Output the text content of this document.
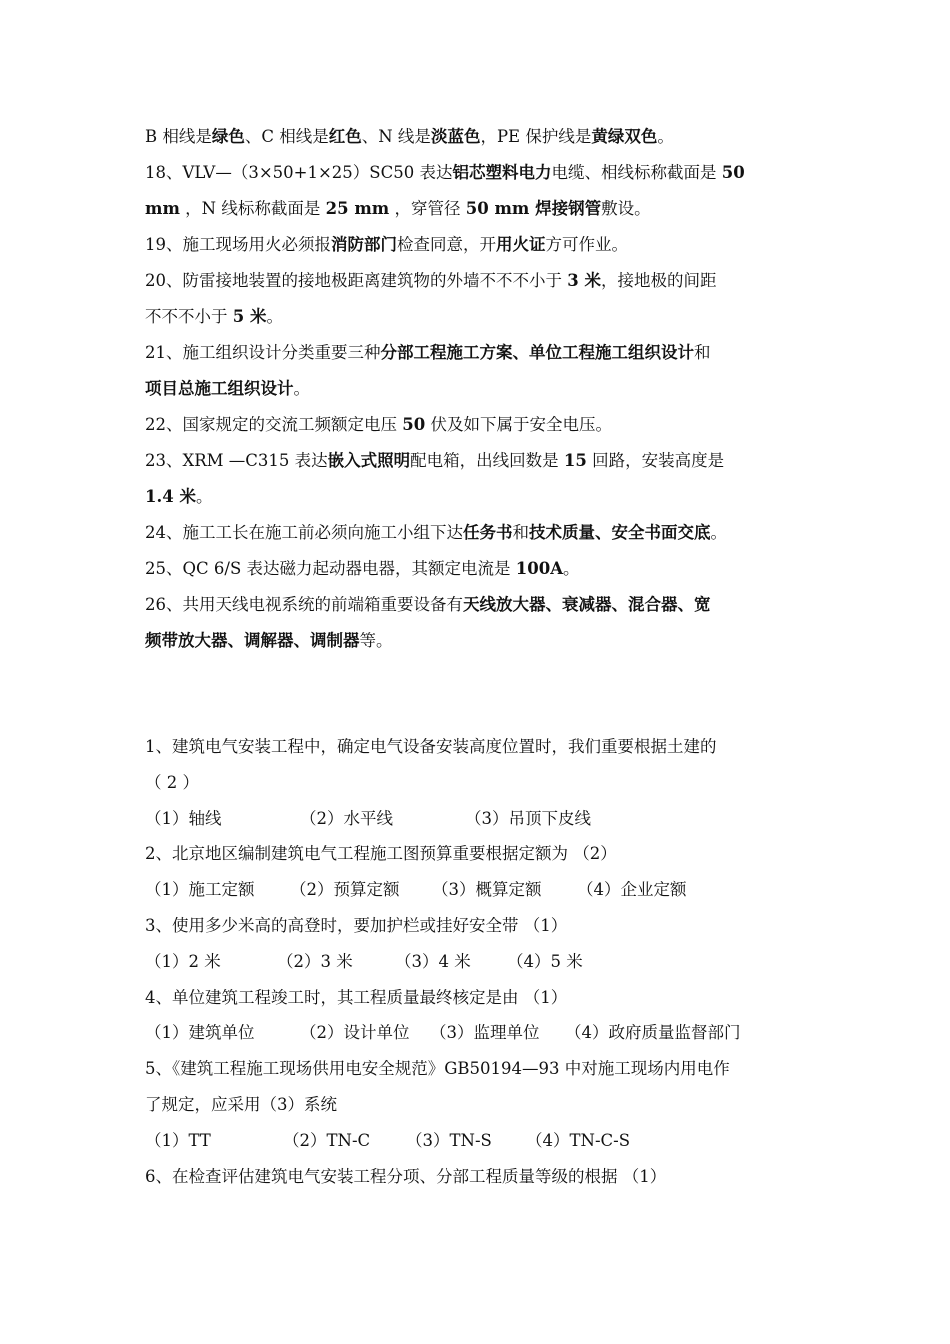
B 相线是绿色、C 相线是红色、N 线是淡蓝色，PE 保护线是黄绿双色。
18、VLV—（3×50+1×25）SC50 表达铝芯塑料电力电缆、相线标称截面是 50
mm ，N 线标称截面是 25 mm ，穿管径 50 mm 焊接钢管敷设。
19、施工现场用火必须报消防部门检查同意，开用火证方可作业。
20、防雷接地装置的接地极距离建筑物的外墙不不不小于 3 米，接地极的间距
不不不小于 5 米。
21、施工组织设计分类重要三种分部工程施工方案、单位工程施工组织设计和
项目总施工组织设计。
22、国家规定的交流工频额定电压 50 伏及如下属于安全电压。
23、XRM —C315 表达嵌入式照明配电箱，出线回数是 15 回路，安装高度是
1.4 米。
24、施工工长在施工前必须向施工小组下达任务书和技术质量、安全书面交底。
25、QC 6/S 表达磁力起动器电器，其额定电流是 100A。
26、共用天线电视系统的前端箱重要设备有天线放大器、衰减器、混合器、宽
频带放大器、调解器、调制器等。
1、建筑电气安装工程中，确定电气设备安装高度位置时，我们重要根据土建的
（ 2 ）
（1）轴线	（2）水平线	（3）吊顶下皮线
2、北京地区编制建筑电气工程施工图预算重要根据定额为 （2）
（1）施工定额	（2）预算定额	（3）概算定额	（4）企业定额
3、使用多少米高的高登时，要加护栏或挂好安全带 （1）
（1）2 米	（2）3 米	（3）4 米	（4）5 米
4、单位建筑工程竣工时，其工程质量最终核定是由 （1）
（1）建筑单位	（2）设计单位	（3）监理单位	（4）政府质量监督部门
5、《建筑工程施工现场供用电安全规范》GB50194—93 中对施工现场内用电作
了规定，应采用（3）系统
（1）TT	（2）TN-C	（3）TN-S	（4）TN-C-S
6、在检查评估建筑电气安装工程分项、分部工程质量等级的根据 （1）
